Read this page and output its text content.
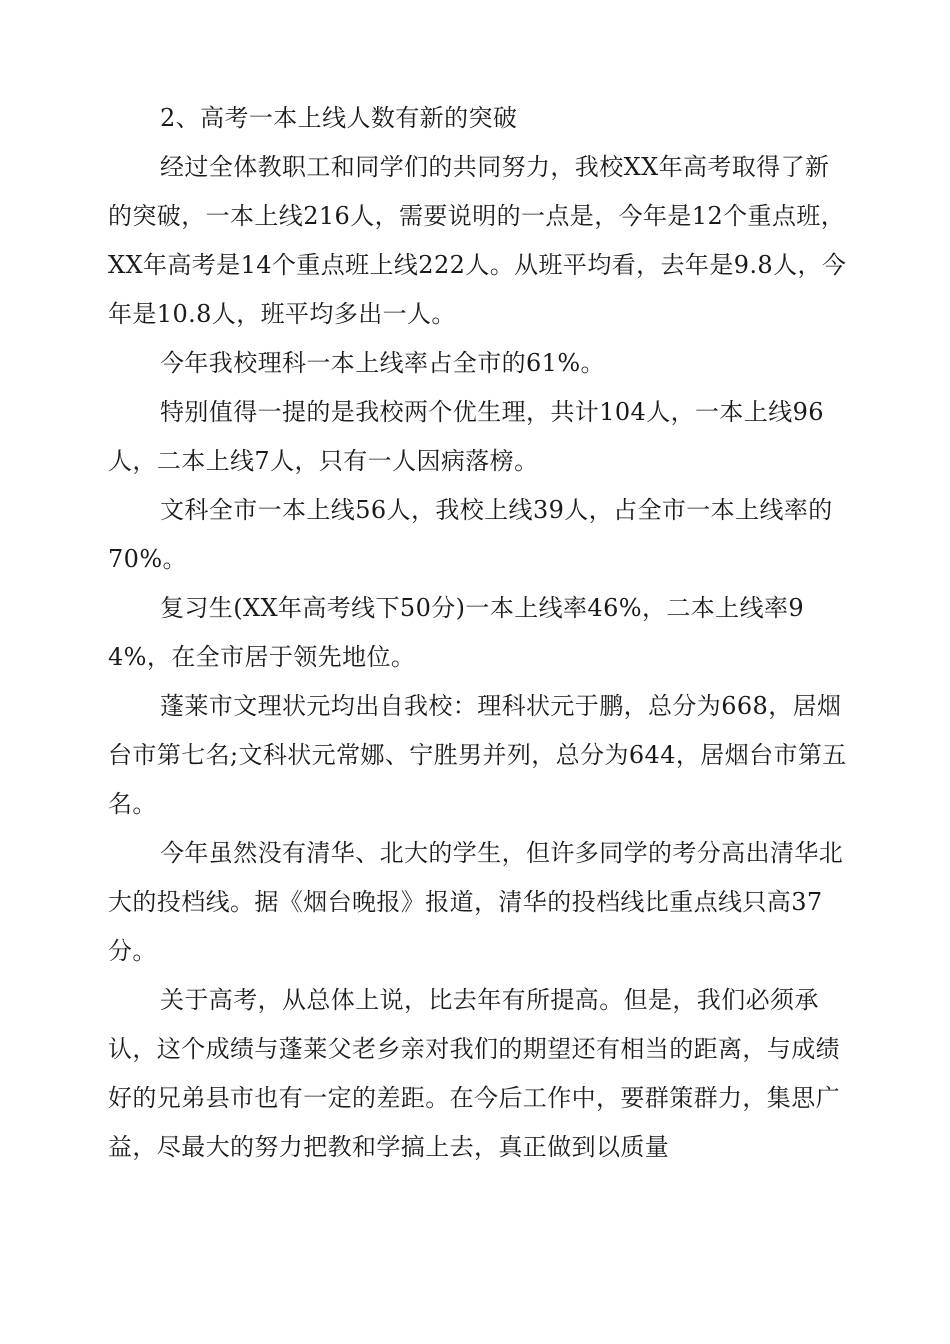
2、高考一本上线人数有新的突破

经过全体教职工和同学们的共同努力，我校XX年高考取得了新的突破，一本上线216人，需要说明的一点是，今年是12个重点班，XX年高考是14个重点班上线222人。从班平均看，去年是9.8人，今年是10.8人，班平均多出一人。

今年我校理科一本上线率占全市的61%。

特别值得一提的是我校两个优生理，共计104人，一本上线96人，二本上线7人，只有一人因病落榜。

文科全市一本上线56人，我校上线39人，占全市一本上线率的70%。

复习生(XX年高考线下50分)一本上线率46%，二本上线率94%，在全市居于领先地位。

蓬莱市文理状元均出自我校：理科状元于鹏，总分为668，居烟台市第七名;文科状元常娜、宁胜男并列，总分为644，居烟台市第五名。

今年虽然没有清华、北大的学生，但许多同学的考分高出清华北大的投档线。据《烟台晚报》报道，清华的投档线比重点线只高37分。

关于高考，从总体上说，比去年有所提高。但是，我们必须承认，这个成绩与蓬莱父老乡亲对我们的期望还有相当的距离，与成绩好的兄弟县市也有一定的差距。在今后工作中，要群策群力，集思广益，尽最大的努力把教和学搞上去，真正做到以质量
